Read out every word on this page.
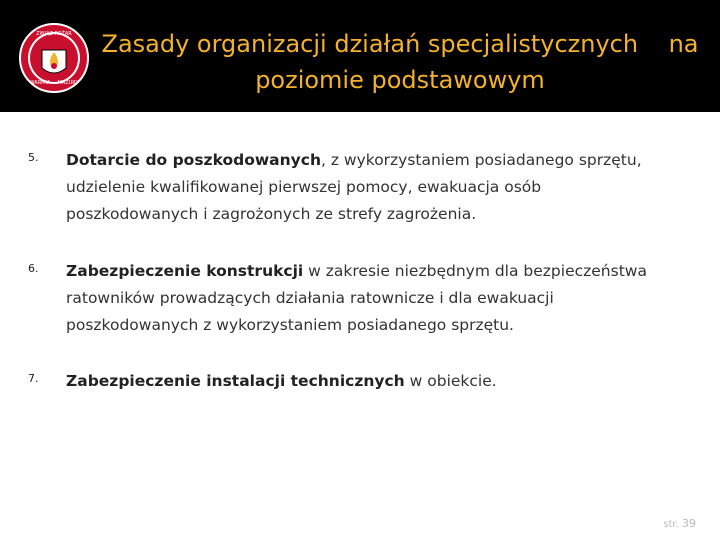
ZWIĄZ POŻAR
WARMIA MAZURY
Zasady organizacji działań specjalistycznych    na
poziomie podstawowym
5. Dotarcie do poszkodowanych, z wykorzystaniem posiadanego sprzętu, udzielenie kwalifikowanej pierwszej pomocy, ewakuacja osób poszkodowanych i zagrożonych ze strefy zagrożenia.
6. Zabezpieczenie konstrukcji w zakresie niezbędnym dla bezpieczeństwa ratowników prowadzących działania ratownicze i dla ewakuacji poszkodowanych z wykorzystaniem posiadanego sprzętu.
7. Zabezpieczenie instalacji technicznych w obiekcie.
str. 39
